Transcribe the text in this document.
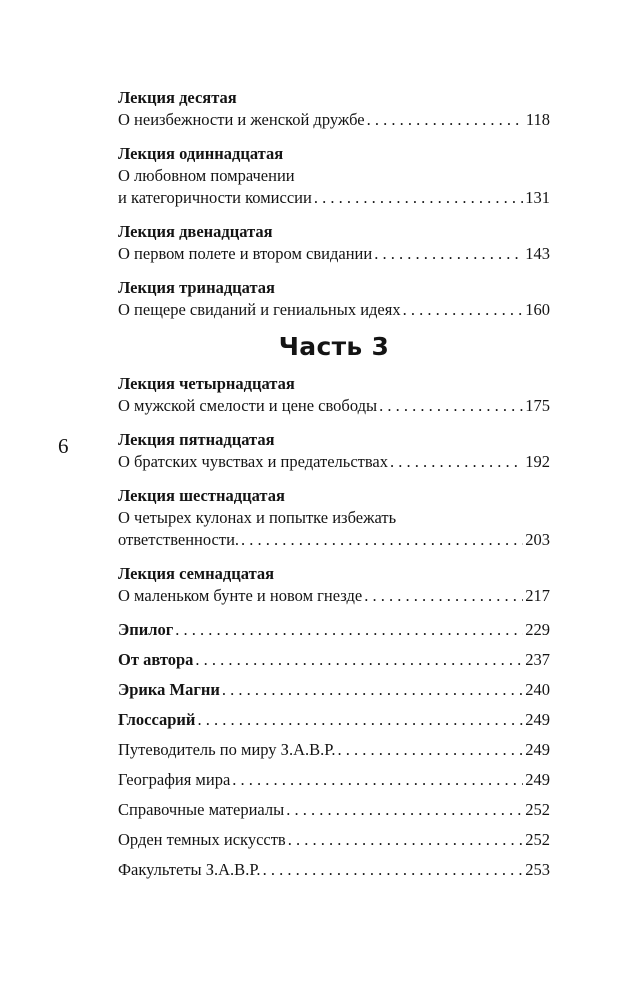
6
Лекция десятая
О неизбежности и женской дружбе . . .	118
Лекция одиннадцатая
О любовном помрачении
и категоричности комиссии . . .	131
Лекция двенадцатая
О первом полете и втором свидании . . .	143
Лекция тринадцатая
О пещере свиданий и гениальных идеях . . .	160
Часть 3
Лекция четырнадцатая
О мужской смелости и цене свободы . . .	175
Лекция пятнадцатая
О братских чувствах и предательствах . . .	192
Лекция шестнадцатая
О четырех кулонах и попытке избежать
ответственности. . . .	203
Лекция семнадцатая
О маленьком бунте и новом гнезде . . .	217
Эпилог . . .	229
От автора . . .	237
Эрика Магни . . .	240
Глоссарий . . .	249
Путеводитель по миру З.А.В.Р. . . .	249
География мира . . .	249
Справочные материалы . . .	252
Орден темных искусств . . .	252
Факультеты З.А.В.Р. . . .	253
